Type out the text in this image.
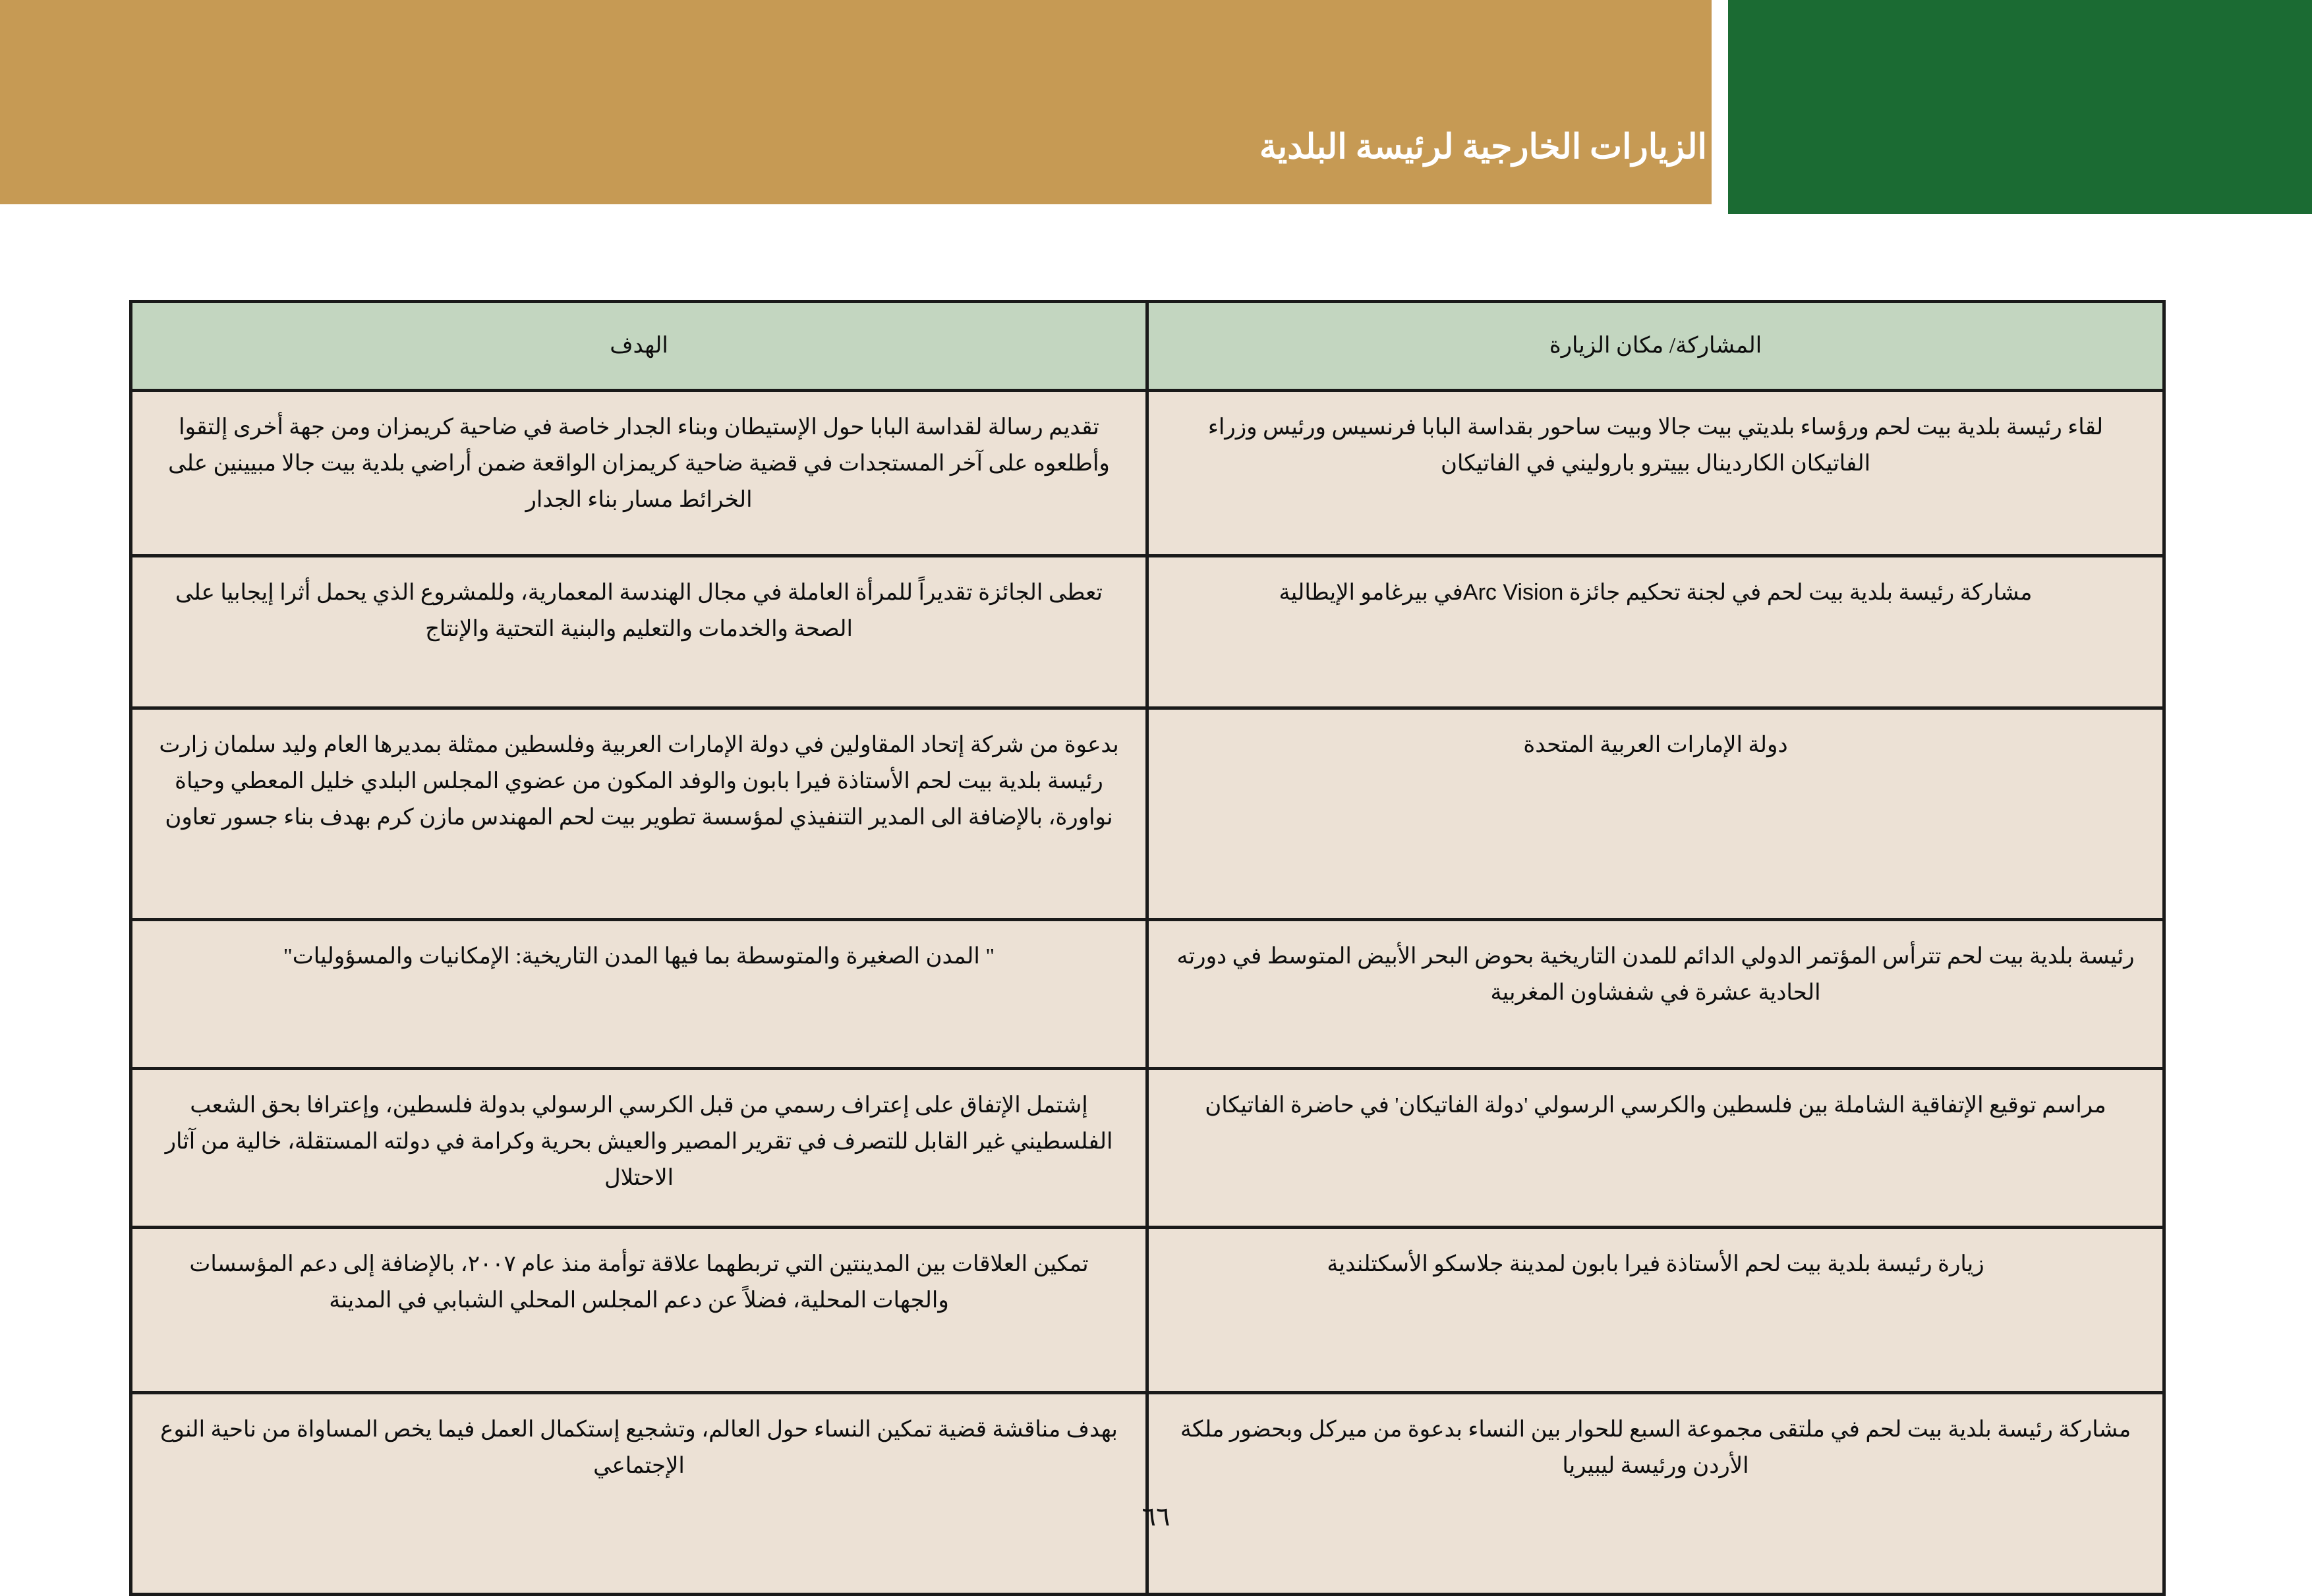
الزيارات الخارجية لرئيسة البلدية
المشاركة/ مكان الزيارة	الهدف
لقاء رئيسة بلدية بيت لحم ورؤساء بلديتي بيت جالا وبيت ساحور بقداسة البابا فرنسيس ورئيس وزراء الفاتيكان الكاردينال بييترو باروليني في الفاتيكان	تقديم رسالة لقداسة البابا حول الإستيطان وبناء الجدار خاصة في ضاحية كريمزان ومن جهة أخرى إلتقوا وأطلعوه على آخر المستجدات في قضية ضاحية كريمزان الواقعة ضمن أراضي بلدية بيت جالا مبيينين على الخرائط مسار بناء الجدار
مشاركة رئيسة بلدية بيت لحم في لجنة تحكيم جائزة Arc Visionفي بيرغامو الإيطالية	تعطى الجائزة تقديراً للمرأة العاملة في مجال الهندسة المعمارية، وللمشروع الذي يحمل أثرا إيجابيا على الصحة والخدمات والتعليم والبنية التحتية والإنتاج
دولة الإمارات العربية المتحدة	بدعوة من شركة إتحاد المقاولين في دولة الإمارات العربية وفلسطين ممثلة بمديرها العام وليد سلمان زارت رئيسة بلدية بيت لحم الأستاذة فيرا بابون والوفد المكون من عضوي المجلس البلدي خليل المعطي وحياة نواورة، بالإضافة الى المدير التنفيذي لمؤسسة تطوير بيت لحم المهندس مازن كرم بهدف بناء جسور تعاون
رئيسة بلدية بيت لحم تترأس المؤتمر الدولي الدائم للمدن التاريخية بحوض البحر الأبيض المتوسط في دورته الحادية عشرة في شفشاون المغربية	" المدن الصغيرة والمتوسطة بما فيها المدن التاريخية: الإمكانيات والمسؤوليات"
مراسم توقيع الإتفاقية الشاملة بين فلسطين والكرسي الرسولي 'دولة الفاتيكان' في حاضرة الفاتيكان	إشتمل الإتفاق على إعتراف رسمي من قبل الكرسي الرسولي بدولة فلسطين، وإعترافا بحق الشعب الفلسطيني غير القابل للتصرف في تقرير المصير والعيش بحرية وكرامة في دولته المستقلة، خالية من آثار الاحتلال
زيارة رئيسة بلدية بيت لحم الأستاذة فيرا بابون لمدينة جلاسكو الأسكتلندية	تمكين العلاقات بين المدينتين التي تربطهما علاقة توأمة منذ عام ٢٠٠٧، بالإضافة إلى دعم المؤسسات والجهات المحلية، فضلاً عن دعم المجلس المحلي الشبابي في المدينة
مشاركة رئيسة بلدية بيت لحم في ملتقى مجموعة السبع للحوار بين النساء بدعوة من ميركل وبحضور ملكة الأردن ورئيسة ليبيريا	بهدف مناقشة قضية تمكين النساء حول العالم، وتشجيع إستكمال العمل فيما يخص المساواة من ناحية النوع الإجتماعي
٦٦
